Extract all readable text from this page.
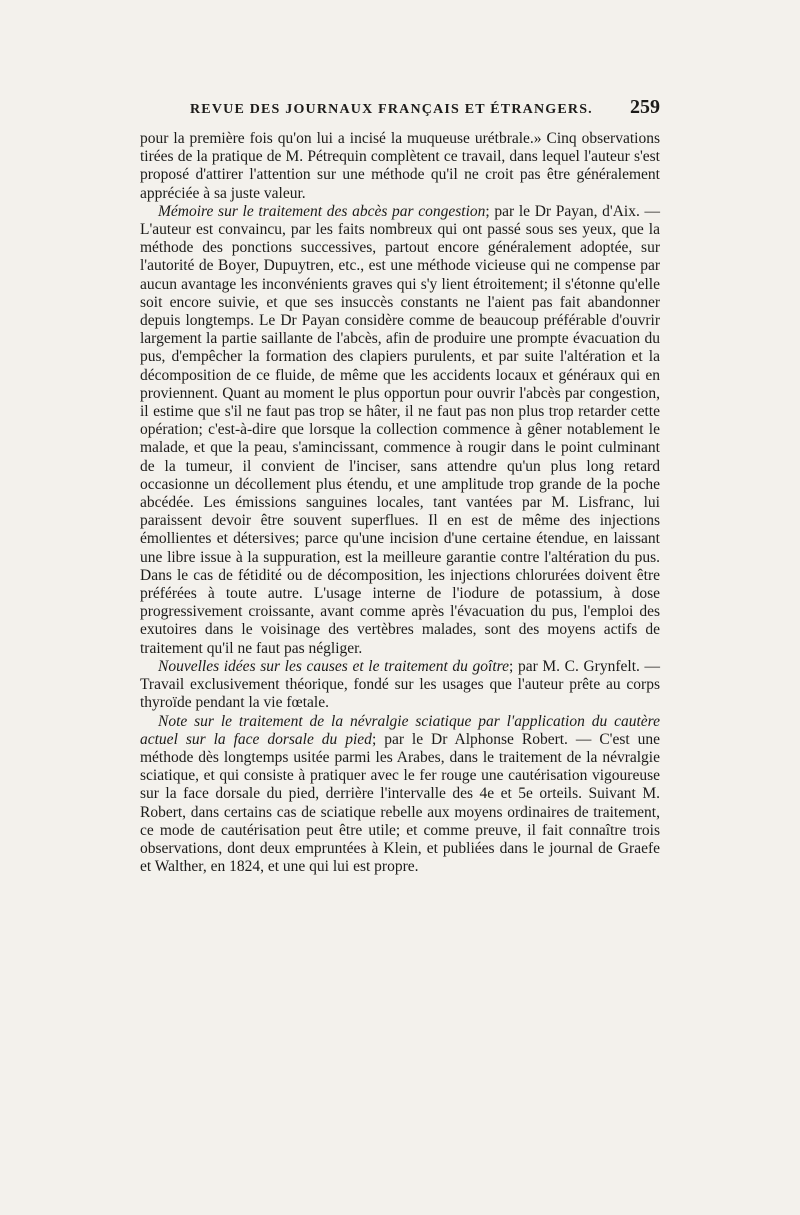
REVUE DES JOURNAUX FRANÇAIS ET ÉTRANGERS. 259

pour la première fois qu'on lui a incisé la muqueuse urétbrale.» Cinq observations tirées de la pratique de M. Pétrequin complètent ce travail, dans lequel l'auteur s'est proposé d'attirer l'attention sur une méthode qu'il ne croit pas être généralement appréciée à sa juste valeur.

Mémoire sur le traitement des abcès par congestion; par le Dr Payan, d'Aix. — L'auteur est convaincu, par les faits nombreux qui ont passé sous ses yeux, que la méthode des ponctions successives, partout encore généralement adoptée, sur l'autorité de Boyer, Dupuytren, etc., est une méthode vicieuse qui ne compense par aucun avantage les inconvénients graves qui s'y lient étroitement; il s'étonne qu'elle soit encore suivie, et que ses insuccès constants ne l'aient pas fait abandonner depuis longtemps. Le Dr Payan considère comme de beaucoup préférable d'ouvrir largement la partie saillante de l'abcès, afin de produire une prompte évacuation du pus, d'empêcher la formation des clapiers purulents, et par suite l'altération et la décomposition de ce fluide, de même que les accidents locaux et généraux qui en proviennent. Quant au moment le plus opportun pour ouvrir l'abcès par congestion, il estime que s'il ne faut pas trop se hâter, il ne faut pas non plus trop retarder cette opération; c'est-à-dire que lorsque la collection commence à gêner notablement le malade, et que la peau, s'amincissant, commence à rougir dans le point culminant de la tumeur, il convient de l'inciser, sans attendre qu'un plus long retard occasionne un décollement plus étendu, et une amplitude trop grande de la poche abcédée. Les émissions sanguines locales, tant vantées par M. Lisfranc, lui paraissent devoir être souvent superflues. Il en est de même des injections émollientes et détersives; parce qu'une incision d'une certaine étendue, en laissant une libre issue à la suppuration, est la meilleure garantie contre l'altération du pus. Dans le cas de fétidité ou de décomposition, les injections chlorurées doivent être préférées à toute autre. L'usage interne de l'iodure de potassium, à dose progressivement croissante, avant comme après l'évacuation du pus, l'emploi des exutoires dans le voisinage des vertèbres malades, sont des moyens actifs de traitement qu'il ne faut pas négliger.

Nouvelles idées sur les causes et le traitement du goître; par M. C. Grynfelt. — Travail exclusivement théorique, fondé sur les usages que l'auteur prête au corps thyroïde pendant la vie fœtale.

Note sur le traitement de la névralgie sciatique par l'application du cautère actuel sur la face dorsale du pied; par le Dr Alphonse Robert. — C'est une méthode dès longtemps usitée parmi les Arabes, dans le traitement de la névralgie sciatique, et qui consiste à pratiquer avec le fer rouge une cautérisation vigoureuse sur la face dorsale du pied, derrière l'intervalle des 4e et 5e orteils. Suivant M. Robert, dans certains cas de sciatique rebelle aux moyens ordinaires de traitement, ce mode de cautérisation peut être utile; et comme preuve, il fait connaître trois observations, dont deux empruntées à Klein, et publiées dans le journal de Graefe et Walther, en 1824, et une qui lui est propre.
